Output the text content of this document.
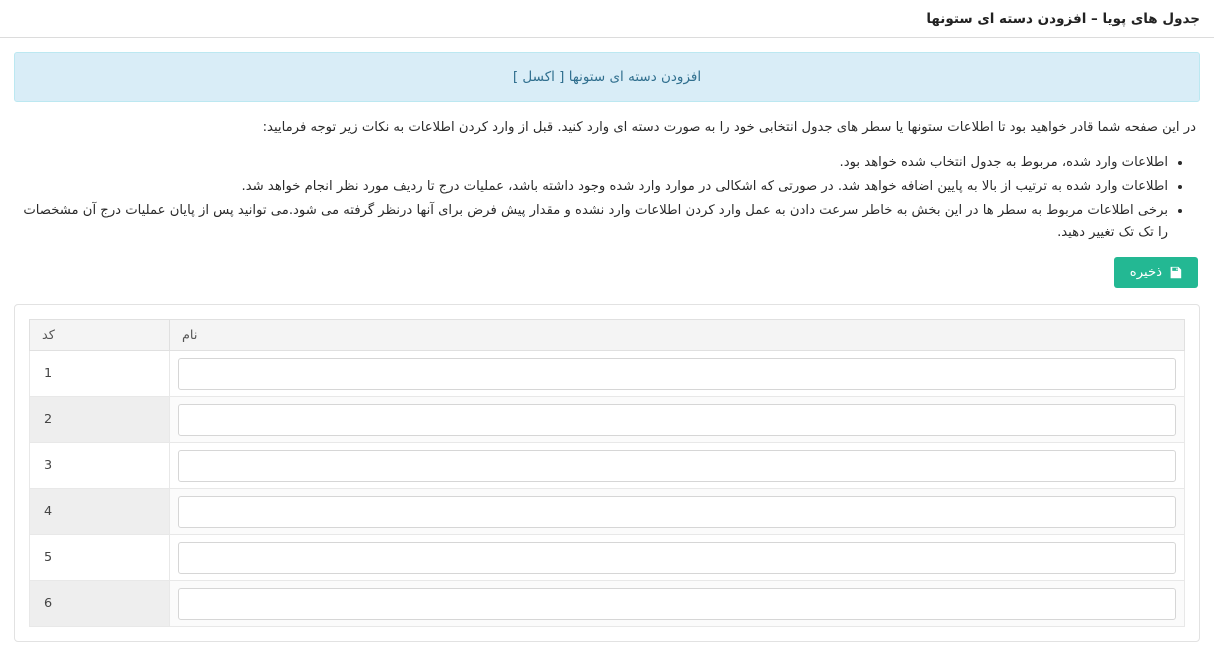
جدول های پویا – افزودن دسته ای ستونها
افزودن دسته ای ستونها [ اکسل ]

در این صفحه شما قادر خواهید بود تا اطلاعات ستونها یا سطر های جدول انتخابی خود را به صورت دسته ای وارد کنید. قبل از وارد کردن اطلاعات به نکات زیر توجه فرمایید:

• اطلاعات وارد شده، مربوط به جدول انتخاب شده خواهد بود.
• اطلاعات وارد شده به ترتیب از بالا به پایین اضافه خواهد شد. در صورتی که اشکالی در موارد وارد شده وجود داشته باشد، عملیات درج تا ردیف مورد نظر انجام خواهد شد.
• برخی اطلاعات مربوط به سطر ها در این بخش به خاطر سرعت دادن به عمل وارد کردن اطلاعات وارد نشده و مقدار پیش فرض برای آنها درنظر گرفته می شود.می توانید پس از پایان عملیات درج آن مشخصات را تک تک تغییر دهید.
ذخیره
نام	کد
	1
	2
	3
	4
	5
	6
